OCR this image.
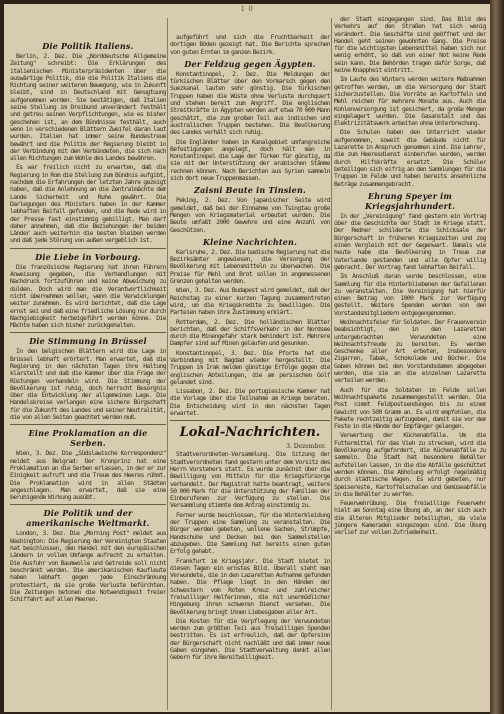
1 0
Die Politik Italiens.
Berlin, 2. Dez. Die „Norddeutsche Allgemeine Zeitung" schreibt: Die Erklärungen des italienischen Ministerpräsidenten über die auswärtige Politik, die die Politik Italiens die Richtung seiner weiteren Bewegung, wie in Zukunft bleibt, sind in Deutschland mit Genugtuung aufgenommen worden. Sie bestätigen, daß Italien seine Stellung im Dreibund unverändert festhält und getreu seinen Verpflichtungen, wie es bisher geschehen ist, an dem Bündnisse festhält, auch wenn in verschiedenen Blättern Zweifel daran laut wurden. Italien hat immer seine Bundestreue bewährt und die Politik der Regierung bleibt in der Verbindung mit den Verbündeten, die sich nach allen Richtungen zum Wohle des Landes bewähren.
Es war freilich nicht zu erwarten, daß die Regierung in Rom die Stellung zum Bündnis aufgibt, nachdem die Erfahrungen der letzten Jahre gezeigt haben, daß die Anlehnung an die Zentralmächte dem Lande Sicherheit und Ruhe gewährt. Die Darlegungen des Ministers haben in der Kammer lebhaften Beifall gefunden, und die Rede wird in der Presse fast einstimmig gebilligt. Man darf daher annehmen, daß die Beziehungen der beiden Länder auch weiterhin die besten bleiben werden und daß jede Störung von außen vergeblich ist.
Die Liebe in Vorbourg.
Die französische Regierung hat ihren Führern Anweisung gegeben, die Verhandlungen mit Nachdruck fortzuführen und keine Abweichung zu dulden. Doch wird man die Verantwortlichkeit nicht übernehmen wollen, wenn die Verwicklungen weiter zunehmen. Es wird berichtet, daß die Lage ernst sei und daß eine friedliche Lösung nur durch Nachgiebigkeit herbeigeführt werden könne. Die Mächte haben sich bisher zurückgehalten.
Die Stimmung in Brüssel
In den belgischen Blättern wird die Lage in Brüssel lebhaft erörtert. Man erwartet, daß die Regierung in den nächsten Tagen ihre Haltung klarstellt und daß die Kammer über die Frage der Rüstungen verhandeln wird. Die Stimmung der Bevölkerung ist ruhig, doch herrscht Besorgnis über die Entwicklung der allgemeinen Lage. Die Handelskreise verlangen eine sichere Bürgschaft für die Zukunft des Landes und seiner Neutralität, die von allen Seiten geachtet werden muß.
Eine Proklamation an die Serben.
Wien, 3. Dez. Die „Südslawische Korrespondenz" meldet aus Belgrad: Der Kronprinz hat eine Proklamation an die Serben erlassen, in der er zur Einigkeit aufruft und die Treue des Heeres rühmt. Die Proklamation wird in allen Städten angeschlagen. Man erwartet, daß sie eine beruhigende Wirkung ausübt.
Die Politik und der amerikanische Weltmarkt.
London, 3. Dez. Die „Morning Post" meldet aus Washington: Die Regierung der Vereinigten Staaten hat beschlossen, den Handel mit den europäischen Ländern in vollem Umfange aufrecht zu erhalten. Die Ausfuhr von Baumwolle und Getreide soll nicht beschränkt werden. Die amerikanischen Kaufleute haben lebhaft gegen jede Einschränkung protestiert, da sie große Verluste befürchten. Die Zeitungen betonen die Notwendigkeit freier Schiffahrt auf allen Meeren.
aufgeführt und sich die Fruchtbarkeit der dortigen Böden gezeigt hat. Die Berichte sprechen von guten Ernten im ganzen Bezirk.
Der Feldzug gegen Ägypten.
Konstantinopel, 2. Dez. Die Meldungen der türkischen Blätter über den Vormarsch gegen den Suezkanal lauten sehr günstig. Die türkischen Truppen haben die Wüste ohne Verluste durchquert und stehen bereit zum Angriff. Die englischen Streitkräfte in Ägypten werden auf etwa 70 000 Mann geschätzt, die zum großen Teil aus indischen und australischen Truppen bestehen. Die Bevölkerung des Landes verhält sich ruhig.
Die Engländer haben im Kanalgebiet umfangreiche Befestigungen angelegt, doch hält man in Konstantinopel die Lage der Türken für günstig, da sie mit der Unterstützung der arabischen Stämme rechnen können. Nach Berichten aus Syrien sammeln sich dort neue Truppenmassen.
Zaisni Beute in Tinsien.
Peking, 2. Dez. Von japanischer Seite wird gemeldet, daß bei der Einnahme von Tsingtau große Mengen von Kriegsmaterial erbeutet wurden. Die Beute umfaßt 2000 Gewehre und eine Anzahl von Geschützen.
Kleine Nachrichten.
Karlsruhe, 2. Dez. Die badische Regierung hat die Bezirksämter angewiesen, die Versorgung der Bevölkerung mit Lebensmitteln zu überwachen. Die Preise für Mehl und Brot sollen in angemessenen Grenzen gehalten werden.
Wien, 3. Dez. Aus Budapest wird gemeldet, daß der Reichstag zu einer kurzen Tagung zusammentreten wird, um die Kriegskredite zu bewilligen. Die Parteien haben ihre Zustimmung erklärt.
Rotterdam, 2. Dez. Die holländischen Blätter berichten, daß der Schiffsverkehr in der Nordsee durch die Minengefahr stark behindert ist. Mehrere Dampfer sind auf Minen gelaufen und gesunken.
Konstantinopel, 3. Dez. Die Pforte hat die Verbindung mit Bagdad wieder hergestellt. Die Truppen im Irak melden günstige Erfolge gegen die englischen Abteilungen, die am persischen Golf gelandet sind.
Lissabon, 2. Dez. Die portugiesische Kammer hat die Vorlage über die Teilnahme am Kriege beraten. Die Entscheidung wird in den nächsten Tagen erwartet.
Lokal-Nachrichten.
3. Dezember.
Stadtverordneten-Versammlung. Die Sitzung der Stadtverordneten fand gestern unter dem Vorsitz des Herrn Vorstehers statt. Es wurde zunächst über die Bewilligung von Mitteln für die Kriegsfürsorge verhandelt. Der Magistrat hatte beantragt, weitere 50 000 Mark für die Unterstützung der Familien der Einberufenen zur Verfügung zu stellen. Die Versammlung stimmte dem Antrag einstimmig zu.
Ferner wurde beschlossen, für die Winterkleidung der Truppen eine Sammlung zu veranstalten. Die Bürger werden gebeten, wollene Sachen, Strümpfe, Handschuhe und Decken bei den Sammelstellen abzugeben. Die Sammlung hat bereits einen guten Erfolg gehabt.
Frankfurt im Kriegsjahr. Die Stadt bietet in diesen Tagen ein ernstes Bild. Überall sieht man Verwundete, die in den Lazaretten Aufnahme gefunden haben. Die Pflege liegt in den Händen der Schwestern vom Roten Kreuz und zahlreicher freiwilliger Helferinnen, die mit unermüdlicher Hingebung ihren schweren Dienst versehen. Die Bevölkerung bringt ihnen Liebesgaben aller Art.
Die Kosten für die Verpflegung der Verwundeten werden zum größten Teil aus freiwilligen Spenden bestritten. Es ist erfreulich, daß der Opfersinn der Bürgerschaft nicht nachläßt und daß immer neue Gaben eingehen. Die Stadtverwaltung dankt allen Gebern für ihre Bereitwilligkeit.
der Stadt eingegangen sind. Das Bild des Verkehrs auf den Straßen hat sich wenig verändert. Die Geschäfte sind geöffnet und der Handel geht seinen gewohnten Gang. Die Preise für die wichtigsten Lebensmittel haben sich nur wenig erhöht, so daß von einer Not keine Rede sein kann. Die Behörden tragen dafür Sorge, daß keine Knappheit eintritt.
Im Laufe des Winters werden weitere Maßnahmen getroffen werden, um die Versorgung der Stadt sicherzustellen. Die Vorräte an Kartoffeln und Mehl reichen für mehrere Monate aus. Auch die Kohlenversorgung ist gesichert, da große Mengen eingelagert wurden. Die Gasanstalt und das Elektrizitätswerk arbeiten ohne Unterbrechung.
Die Schulen haben den Unterricht wieder aufgenommen, soweit die Gebäude nicht für Lazarette in Anspruch genommen sind. Die Lehrer, die zum Heeresdienst einberufen wurden, werden durch Hilfskräfte ersetzt. Die Schüler beteiligen sich eifrig an den Sammlungen für die Truppen im Felde und haben bereits ansehnliche Beträge zusammengebracht.
Ehrung Speyer im Kriegsjahrhundert.
In der „Vereinigung" fand gestern ein Vortrag über die Geschichte der Stadt im Kriege statt. Der Redner schilderte die Schicksale der Bürgerschaft in früheren Kriegszeiten und zog einen Vergleich mit der Gegenwart. Damals wie heute habe die Bevölkerung in Treue zum Vaterlande gestanden und alle Opfer willig gebracht. Der Vortrag fand lebhaften Beifall.
Im Anschluß daran wurde beschlossen, eine Sammlung für die Hinterbliebenen der Gefallenen zu veranstalten. Die Vereinigung hat hierfür einen Betrag von 1000 Mark zur Verfügung gestellt. Weitere Spenden werden von den Vorstandsmitgliedern entgegengenommen.
Weihnachtsfeier für Soldaten. Der Frauenverein beabsichtigt, den in den Lazaretten untergebrachten Verwundeten eine Weihnachtsfreude zu bereiten. Es werden Geschenke aller Art erbeten, insbesondere Zigarren, Tabak, Schokolade und Bücher. Die Gaben können bei den Vorstandsdamen abgegeben werden, die sie an die einzelnen Lazarette verteilen werden.
Auch für die Soldaten im Felde sollen Weihnachtspakete zusammengestellt werden. Die Post nimmt Feldpostsendungen bis zu einem Gewicht von 500 Gramm an. Es wird empfohlen, die Pakete rechtzeitig aufzugeben, damit sie vor dem Feste in die Hände der Empfänger gelangen.
Verwertung der Küchenabfälle. Um die Futtermittel für das Vieh zu strecken, wird die Bevölkerung aufgefordert, die Küchenabfälle zu sammeln. Die Stadt hat besondere Behälter aufstellen lassen, in die die Abfälle geschüttet werden können. Die Abholung erfolgt regelmäßig durch städtische Wagen. Es wird gebeten, nur Speisereste, Kartoffelschalen und Gemüseabfälle in die Behälter zu werfen.
Feuerwehrübung. Die freiwillige Feuerwehr hielt am Sonntag eine Übung ab, an der sich auch die älteren Mitglieder beteiligten, da viele jüngere Kameraden eingezogen sind. Die Übung verlief zur vollen Zufriedenheit.
